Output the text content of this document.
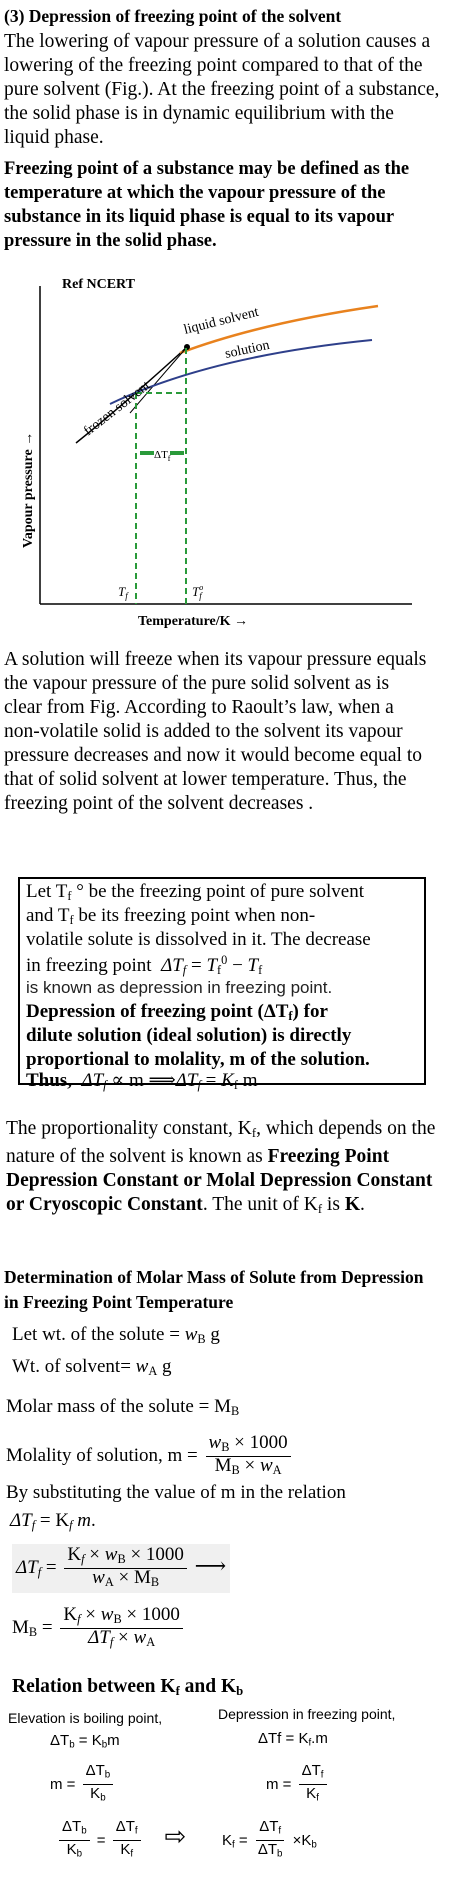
(3) Depression of freezing point of the solvent
The lowering of vapour pressure of a solution causes a lowering of the freezing point compared to that of the pure solvent (Fig.). At the freezing point of a substance, the solid phase is in dynamic equilibrium with the liquid phase.
Freezing point of a substance may be defined as the temperature at which the vapour pressure of the substance in its liquid phase is equal to its vapour pressure in the solid phase.
Ref NCERT
Vapour pressure →
Temperature/K →
$\Delta T_f$
frozen solvent
liquid solvent
solution
$T_f$	$T^o$ f
A solution will freeze when its vapour pressure equals the vapour pressure of the pure solid solvent as is clear from Fig. According to Raoult’s law, when a non-volatile solid is added to the solvent its vapour pressure decreases and now it would become equal to that of solid solvent at lower temperature. Thus, the freezing point of the solvent decreases .
Let $T_f$ ° be the freezing point of pure solvent
and $T_f$ be its freezing point when non-
volatile solute is dissolved in it. The decrease
in freezing point $\Delta T_f = T_f^0 - T_f$
is known as depression in freezing point.
Depression of freezing point $(\Delta T_f)$ for
dilute solution (ideal solution) is directly
proportional to molality, m of the solution.
Thus, $\Delta T_f \propto m$ $⟹\Delta T_f = K_f$ m
The proportionality constant, $K_f$, which depends on the nature of the solvent is known as Freezing Point Depression Constant or Molal Depression Constant or Cryoscopic Constant. The unit of $K_f$ is K.
Determination of Molar Mass of Solute from Depression in Freezing Point Temperature
Let wt. of the solute = $w_B$ g
Wt. of solvent= $w_A$ g
Molar mass of the solute = $M_B$
Molality of solution, $m = \frac{w_B \times 1000}{M_B \times w_A}$
By substituting the value of m in the relation
$\Delta T_f = K_f$ m.
$\Delta T_f = \frac{K_f \times w_B \times 1000}{w_A \times M_B}$ ⟶
$M_B = \frac{K_f \times w_B \times 1000}{\Delta T_f \times w_A}$
Relation between $K_f$ and $K_b$
Elevation is boiling point,	Depression in freezing point,
$\Delta T_b = K_bm$	$\Delta Tf = K_f.m$
$m = \frac{\Delta T_b}{K_b}$	$m = \frac{\Delta T_f}{K_f}$
$\frac{\Delta T_b}{K_b} = \frac{\Delta T_f}{K_f}$ ⇨ $K_f = \frac{\Delta T_f}{\Delta T_b} \times K_b$
